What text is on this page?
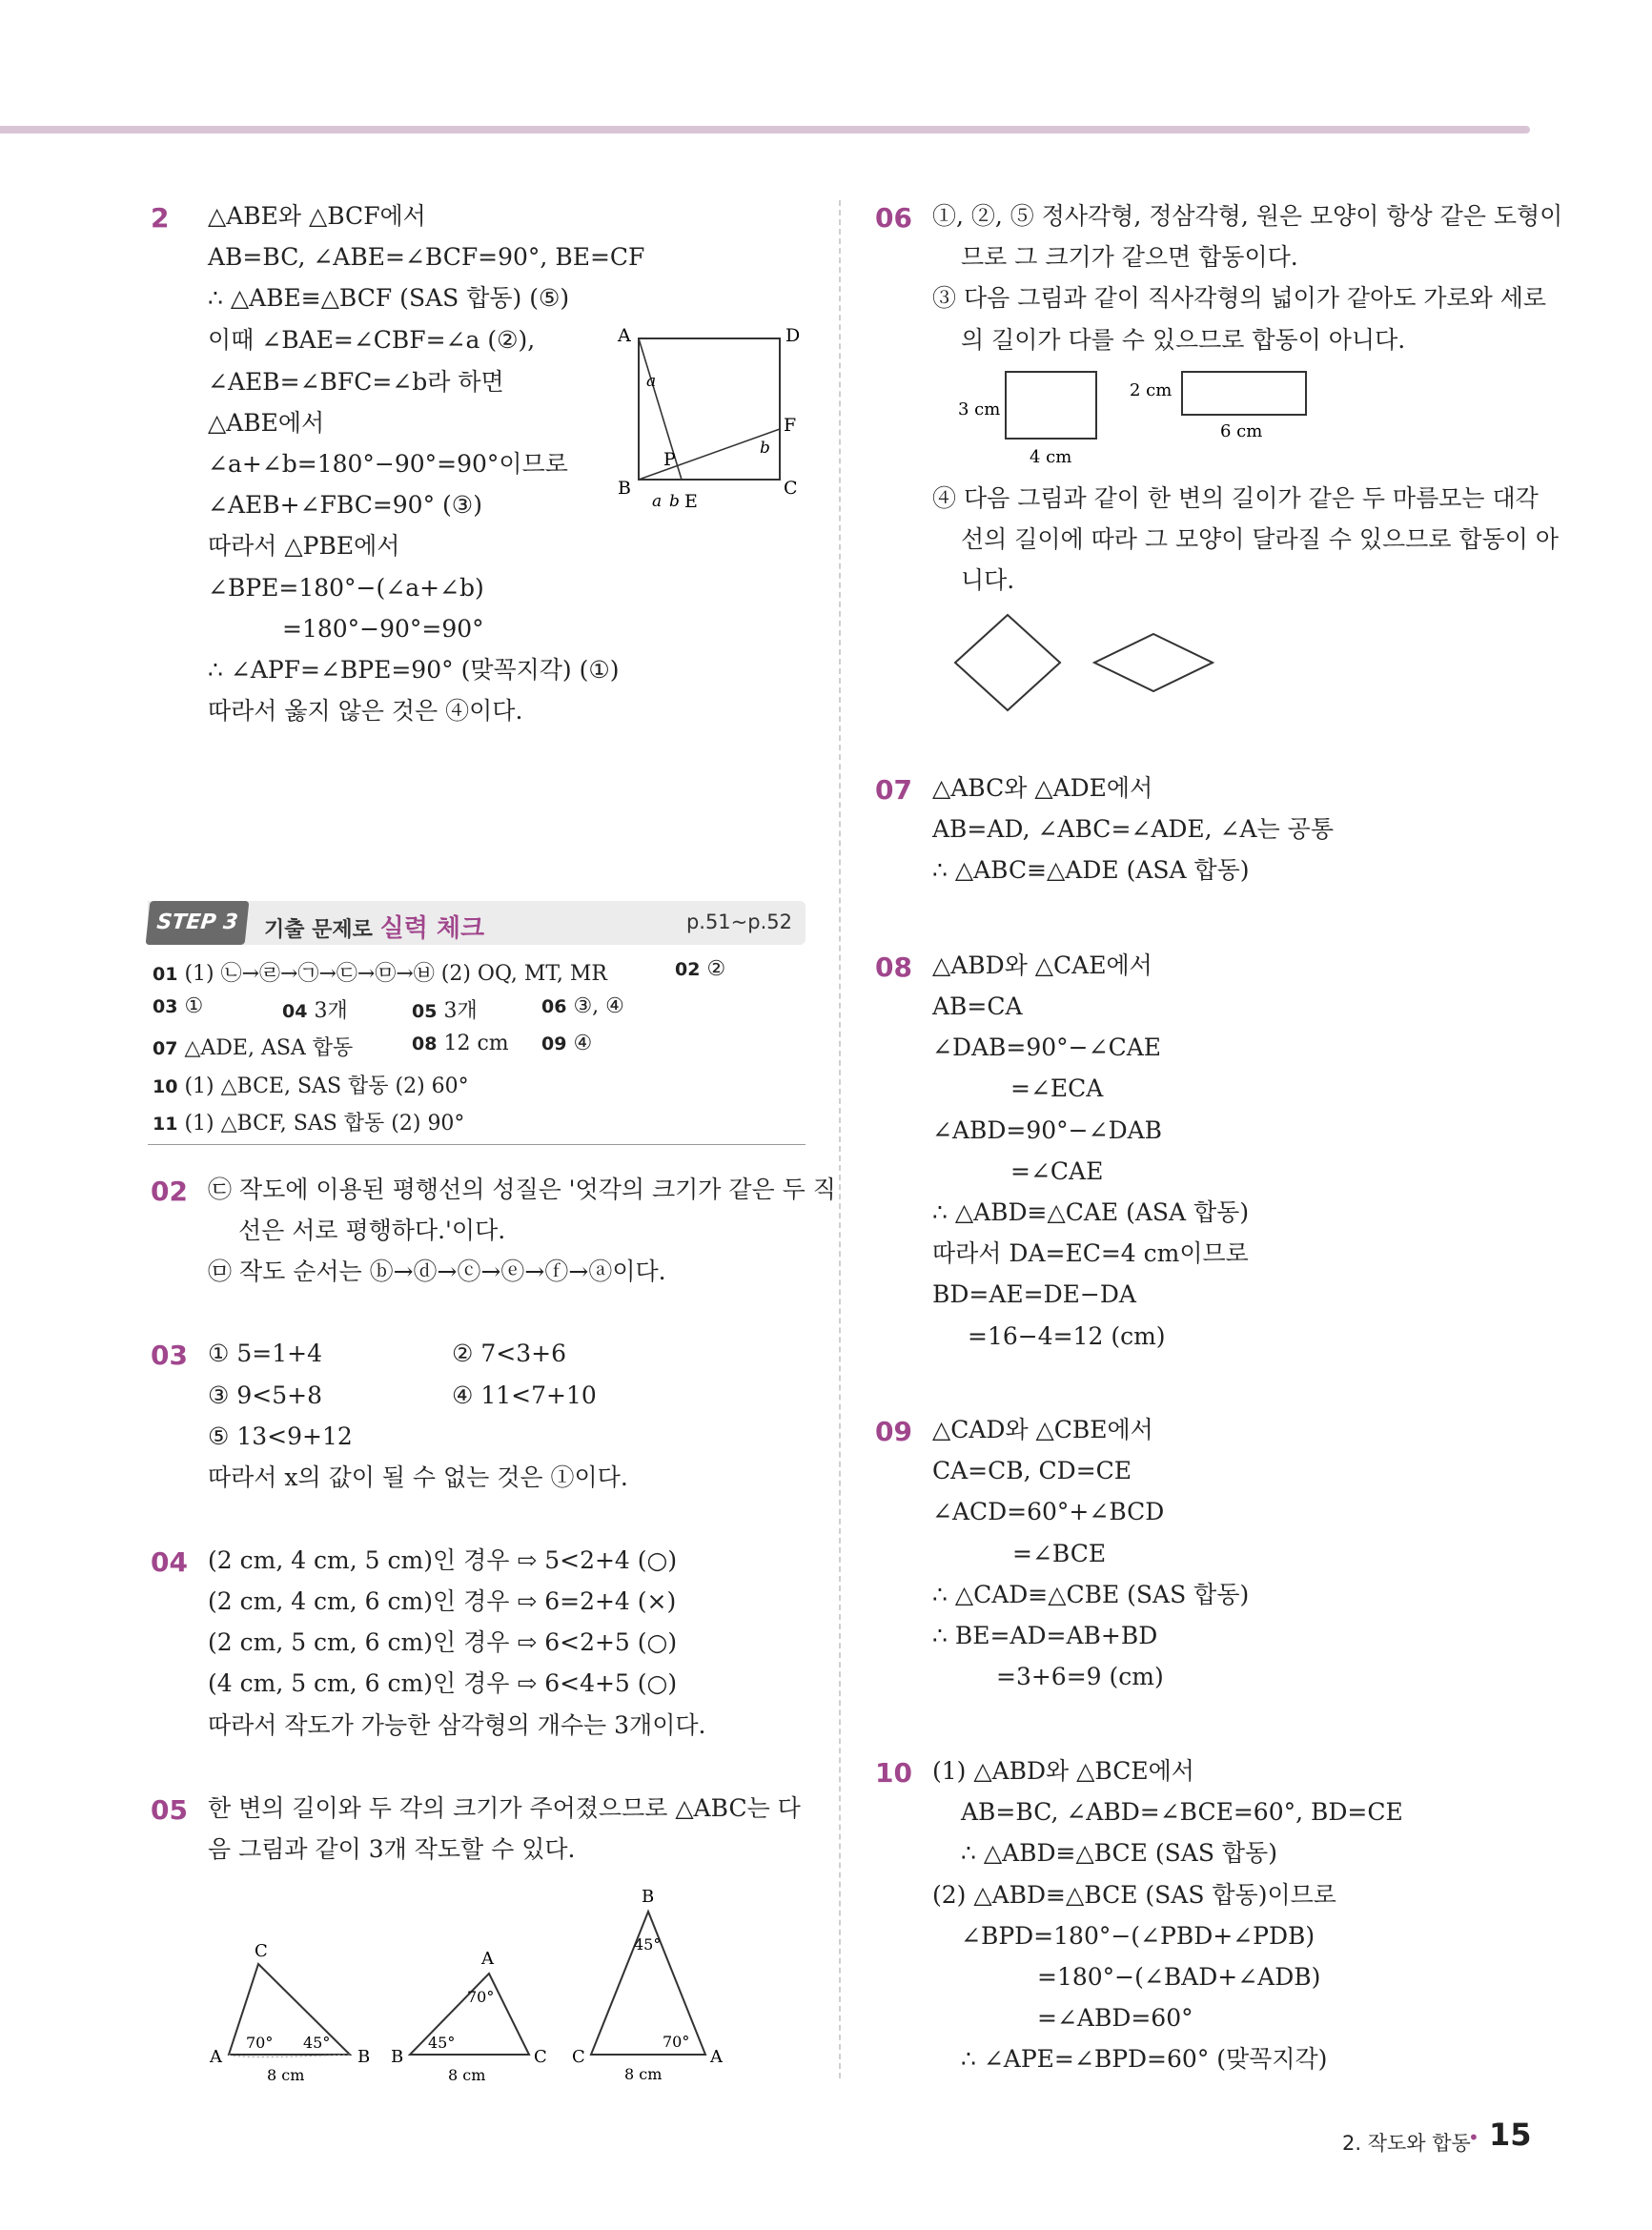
2 △ABE와 △BCF에서
AB=BC, ∠ABE=∠BCF=90°, BE=CF
∴ △ABE≡△BCF (SAS 합동) (⑤)
이때 ∠BAE=∠CBF=∠a (②),
∠AEB=∠BFC=∠b라 하면
△ABE에서
∠a+∠b=180°−90°=90°이므로
∠AEB+∠FBC=90° (③)
따라서 △PBE에서
∠BPE=180°−(∠a+∠b)
=180°−90°=90°
∴ ∠APF=∠BPE=90° (맞꼭지각) (①)
따라서 옳지 않은 것은 ④이다.
A	D
B	C
E
F
P
a
b
a b
STEP 3	기출 문제로 실력 체크	p.51~p.52
01 (1) ㉡→㉣→㉠→㉢→㉤→㉥ (2) OQ, MT, MR	02 ②
03 ①	04 3개	05 3개	06 ③, ④
07 △ADE, ASA 합동	08 12 cm 09 ④
10 (1) △BCE, SAS 합동 (2) 60°
11 (1) △BCF, SAS 합동 (2) 90°
02 ㉢ 작도에 이용된 평행선의 성질은 '엇각의 크기가 같은 두 직
선은 서로 평행하다.'이다.
㉤ 작도 순서는 ⓑ→ⓓ→ⓒ→ⓔ→ⓕ→ⓐ이다.
03 ① 5=1+4	② 7<3+6
③ 9<5+8	④ 11<7+10
⑤ 13<9+12
따라서 x의 값이 될 수 없는 것은 ①이다.
04 (2 cm, 4 cm, 5 cm)인 경우 ⇨ 5<2+4 (○)
(2 cm, 4 cm, 6 cm)인 경우 ⇨ 6=2+4 (×)
(2 cm, 5 cm, 6 cm)인 경우 ⇨ 6<2+5 (○)
(4 cm, 5 cm, 6 cm)인 경우 ⇨ 6<4+5 (○)
따라서 작도가 가능한 삼각형의 개수는 3개이다.
05 한 변의 길이와 두 각의 크기가 주어졌으므로 △ABC는 다
음 그림과 같이 3개 작도할 수 있다.
A	B
C
70° 45°
8 cm
B	C
A
70°
45°
8 cm
C	A
B
45°
70°
8 cm
06 ①, ②, ⑤ 정사각형, 정삼각형, 원은 모양이 항상 같은 도형이
므로 그 크기가 같으면 합동이다.
③ 다음 그림과 같이 직사각형의 넓이가 같아도 가로와 세로
의 길이가 다를 수 있으므로 합동이 아니다.
3 cm
4 cm
2 cm
6 cm
④ 다음 그림과 같이 한 변의 길이가 같은 두 마름모는 대각
선의 길이에 따라 그 모양이 달라질 수 있으므로 합동이 아
니다.
07 △ABC와 △ADE에서
AB=AD, ∠ABC=∠ADE, ∠A는 공통
∴ △ABC≡△ADE (ASA 합동)
08 △ABD와 △CAE에서
AB=CA
∠DAB=90°−∠CAE
=∠ECA
∠ABD=90°−∠DAB
=∠CAE
∴ △ABD≡△CAE (ASA 합동)
따라서 DA=EC=4 cm이므로
BD=AE=DE−DA
=16−4=12 (cm)
09 △CAD와 △CBE에서
CA=CB, CD=CE
∠ACD=60°+∠BCD
=∠BCE
∴ △CAD≡△CBE (SAS 합동)
∴ BE=AD=AB+BD
=3+6=9 (cm)
10 (1) △ABD와 △BCE에서
AB=BC, ∠ABD=∠BCE=60°, BD=CE
∴ △ABD≡△BCE (SAS 합동)
(2) △ABD≡△BCE (SAS 합동)이므로
∠BPD=180°−(∠PBD+∠PDB)
=180°−(∠BAD+∠ADB)
=∠ABD=60°
∴ ∠APE=∠BPD=60° (맞꼭지각)
2. 작도와 합동
• 15
